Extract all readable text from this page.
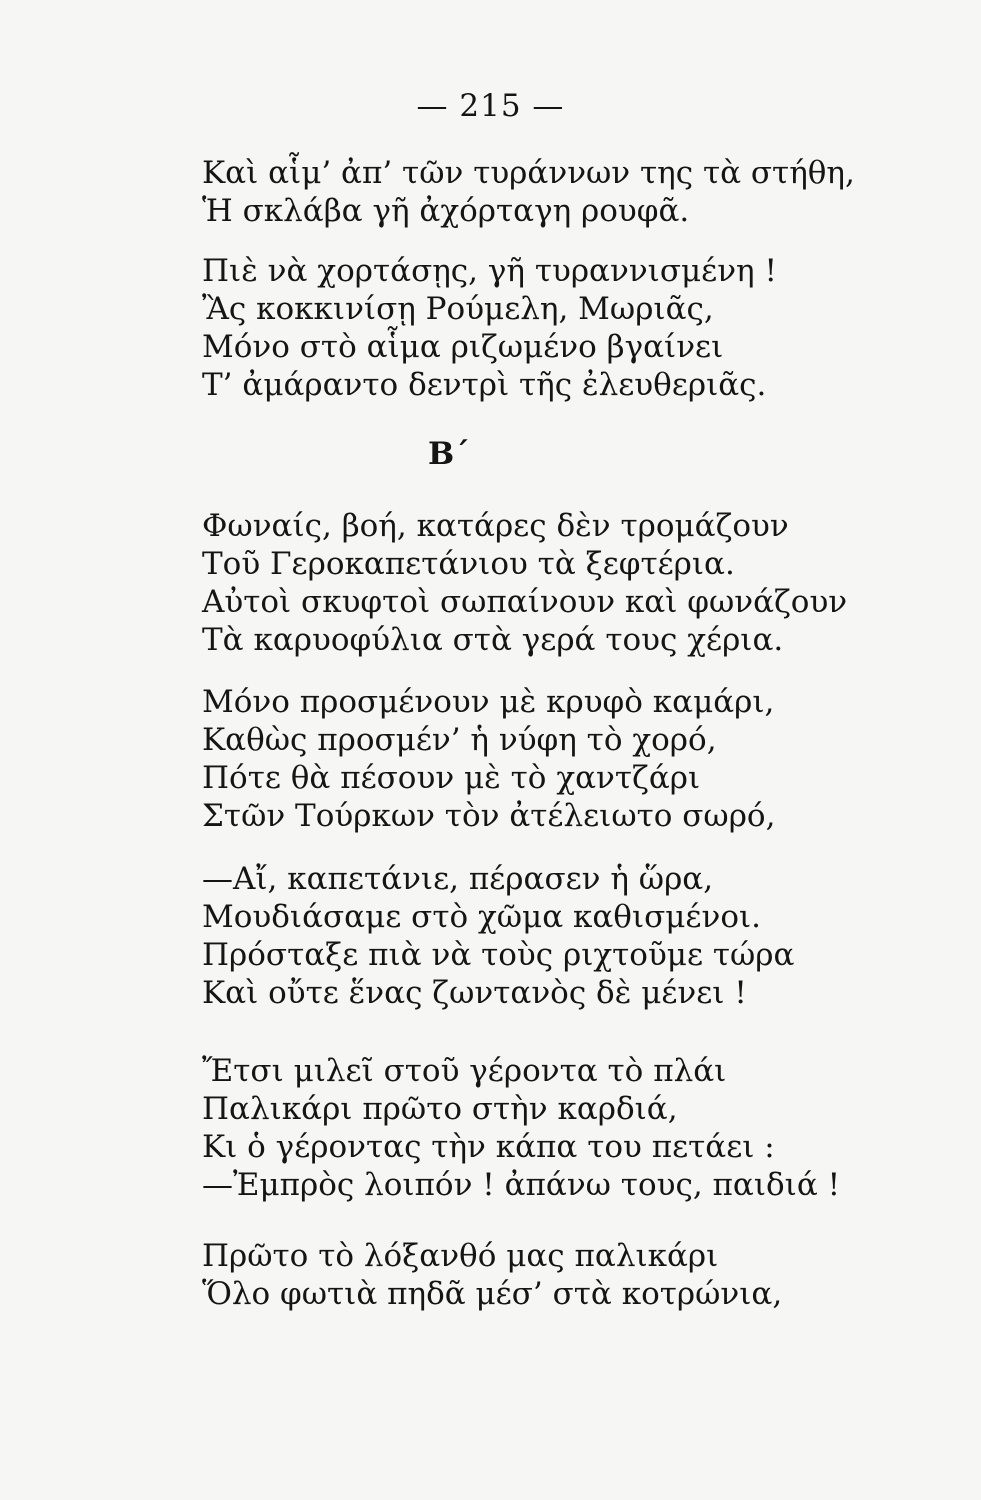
— 215 —
Καὶ αἷμ’ ἀπ’ τῶν τυράννων της τὰ στήθη,
Ἡ σκλάβα γῆ ἀχόρταγη ρουφᾶ.
Πιὲ νὰ χορτάσῃς, γῆ τυραννισμένη !
Ἂς κοκκινίσῃ Ρούμελη, Μωριᾶς,
Μόνο στὸ αἷμα ριζωμένο βγαίνει
Τ’ ἀμάραντο δεντρὶ τῆς ἐλευθεριᾶς.
Β΄
Φωναίς, βοή, κατάρες δὲν τρομάζουν
Τοῦ Γεροκαπετάνιου τὰ ξεφτέρια.
Αὐτοὶ σκυφτοὶ σωπαίνουν καὶ φωνάζουν
Τὰ καρυοφύλια στὰ γερά τους χέρια.
Μόνο προσμένουν μὲ κρυφὸ καμάρι,
Καθὼς προσμέν’ ἡ νύφη τὸ χορό,
Πότε θὰ πέσουν μὲ τὸ χαντζάρι
Στῶν Τούρκων τὸν ἀτέλειωτο σωρό,
—Αἴ, καπετάνιε, πέρασεν ἡ ὥρα,
Μουδιάσαμε στὸ χῶμα καθισμένοι.
Πρόσταξε πιὰ νὰ τοὺς ριχτοῦμε τώρα
Καὶ οὔτε ἕνας ζωντανὸς δὲ μένει !
Ἔτσι μιλεῖ στοῦ γέροντα τὸ πλάι
Παλικάρι πρῶτο στὴν καρδιά,
Κι ὁ γέροντας τὴν κάπα του πετάει :
—Ἐμπρὸς λοιπόν ! ἀπάνω τους, παιδιά !
Πρῶτο τὸ λόξανθό μας παλικάρι
Ὅλο φωτιὰ πηδᾶ μέσ’ στὰ κοτρώνια,
